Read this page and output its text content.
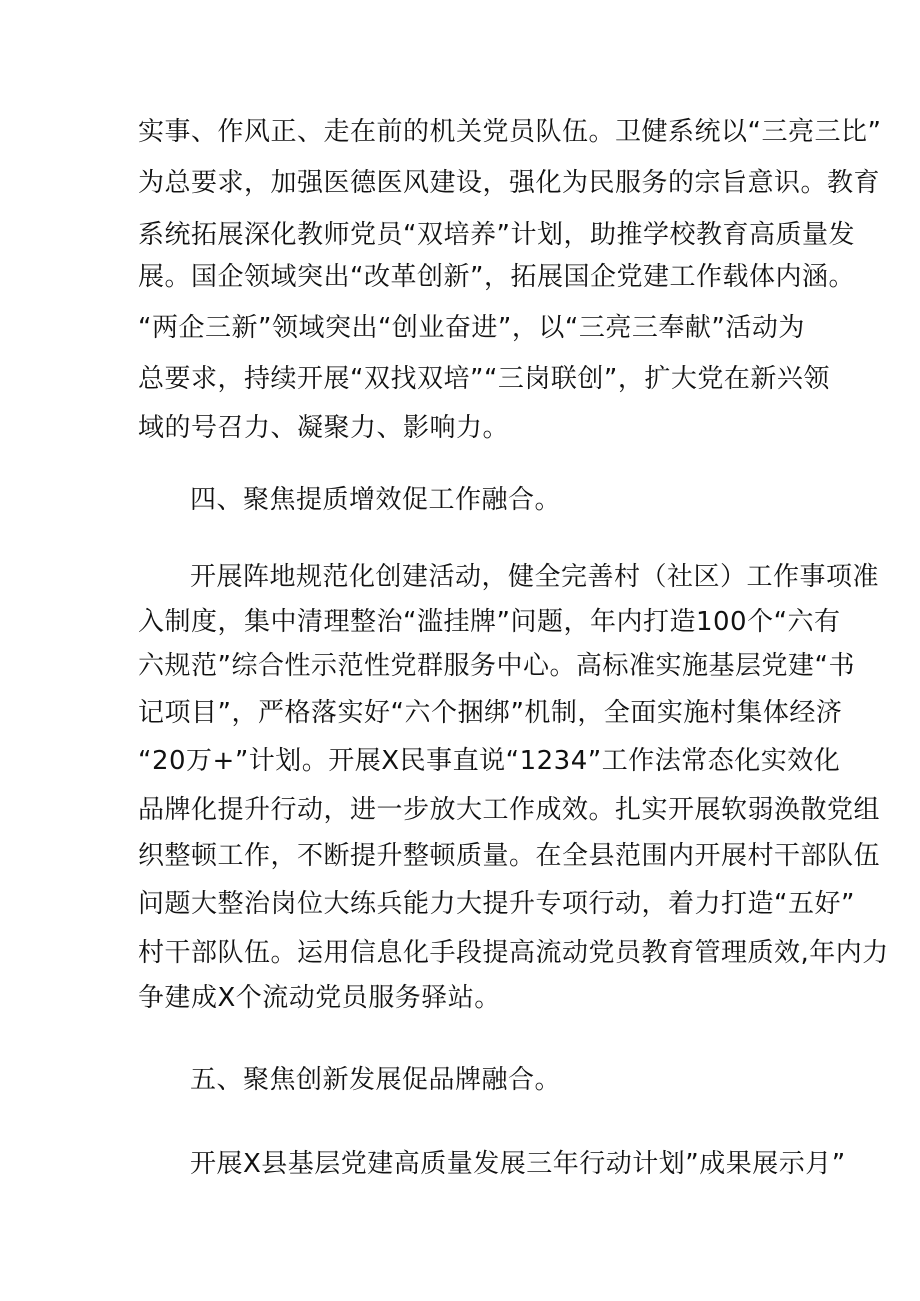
实事、作风正、走在前的机关党员队伍。卫健系统以“三亮三比”
为总要求，加强医德医风建设，强化为民服务的宗旨意识。教育
系统拓展深化教师党员“双培养”计划，助推学校教育高质量发
展。国企领域突出“改革创新”，拓展国企党建工作载体内涵。
“两企三新”领域突出“创业奋进”，以“三亮三奉献”活动为
总要求，持续开展“双找双培”“三岗联创”，扩大党在新兴领
域的号召力、凝聚力、影响力。
四、聚焦提质增效促工作融合。
开展阵地规范化创建活动，健全完善村（社区）工作事项准
入制度，集中清理整治“滥挂牌”问题，年内打造100个“六有
六规范”综合性示范性党群服务中心。高标准实施基层党建“书
记项目”，严格落实好“六个捆绑”机制，全面实施村集体经济
“20万+”计划。开展X民事直说“1234”工作法常态化实效化
品牌化提升行动，进一步放大工作成效。扎实开展软弱涣散党组
织整顿工作，不断提升整顿质量。在全县范围内开展村干部队伍
问题大整治岗位大练兵能力大提升专项行动，着力打造“五好”
村干部队伍。运用信息化手段提高流动党员教育管理质效,年内力
争建成X个流动党员服务驿站。
五、聚焦创新发展促品牌融合。
开展X县基层党建高质量发展三年行动计划”成果展示月”
